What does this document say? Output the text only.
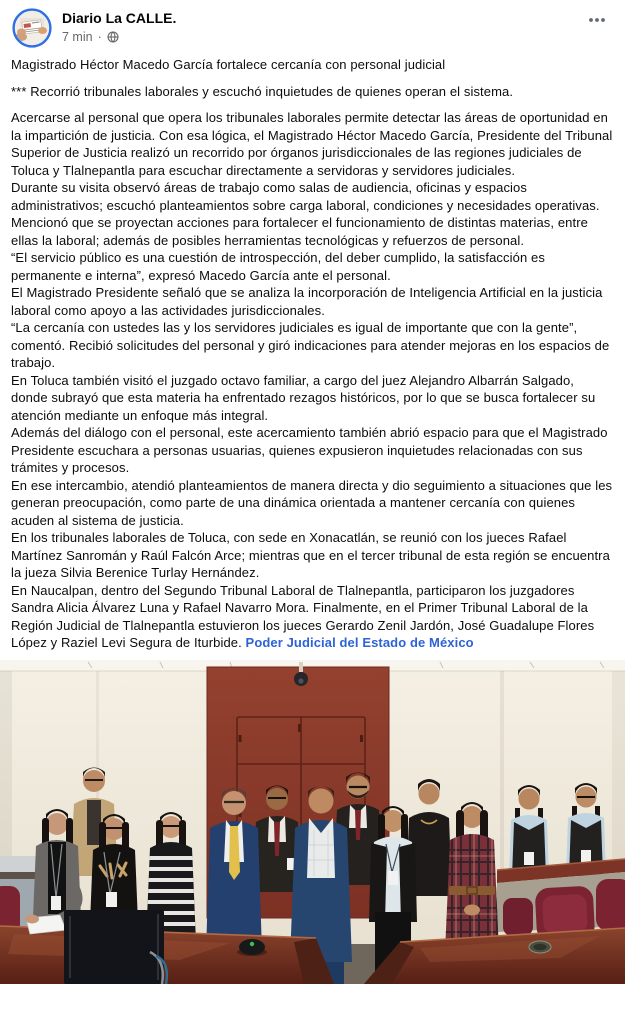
Diario La CALLE.
7 min ·

Magistrado Héctor Macedo García fortalece cercanía con personal judicial

*** Recorrió tribunales laborales y escuchó inquietudes de quienes operan el sistema.

Acercarse al personal que opera los tribunales laborales permite detectar las áreas de oportunidad en la impartición de justicia. Con esa lógica, el Magistrado Héctor Macedo García, Presidente del Tribunal Superior de Justicia realizó un recorrido por órganos jurisdiccionales de las regiones judiciales de Toluca y Tlalnepantla para escuchar directamente a servidoras y servidores judiciales.

Durante su visita observó áreas de trabajo como salas de audiencia, oficinas y espacios administrativos; escuchó planteamientos sobre carga laboral, condiciones y necesidades operativas.

Mencionó que se proyectan acciones para fortalecer el funcionamiento de distintas materias, entre ellas la laboral; además de posibles herramientas tecnológicas y refuerzos de personal.

“El servicio público es una cuestión de introspección, del deber cumplido, la satisfacción es permanente e interna”, expresó Macedo García ante el personal.

El Magistrado Presidente señaló que se analiza la incorporación de Inteligencia Artificial en la justicia laboral como apoyo a las actividades jurisdiccionales.

“La cercanía con ustedes las y los servidores judiciales es igual de importante que con la gente”, comentó. Recibió solicitudes del personal y giró indicaciones para atender mejoras en los espacios de trabajo.

En Toluca también visitó el juzgado octavo familiar, a cargo del juez Alejandro Albarrán Salgado, donde subrayó que esta materia ha enfrentado rezagos históricos, por lo que se busca fortalecer su atención mediante un enfoque más integral.

Además del diálogo con el personal, este acercamiento también abrió espacio para que el Magistrado Presidente escuchara a personas usuarias, quienes expusieron inquietudes relacionadas con sus trámites y procesos.

En ese intercambio, atendió planteamientos de manera directa y dio seguimiento a situaciones que les generan preocupación, como parte de una dinámica orientada a mantener cercanía con quienes acuden al sistema de justicia.

En los tribunales laborales de Toluca, con sede en Xonacatlán, se reunió con los jueces Rafael Martínez Sanromán y Raúl Falcón Arce; mientras que en el tercer tribunal de esta región se encuentra la jueza Silvia Berenice Turlay Hernández.

En Naucalpan, dentro del Segundo Tribunal Laboral de Tlalnepantla, participaron los juzgadores Sandra Alicia Álvarez Luna y Rafael Navarro Mora. Finalmente, en el Primer Tribunal Laboral de la Región Judicial de Tlalnepantla estuvieron los jueces Gerardo Zenil Jardón, José Guadalupe Flores López y Raziel Levi Segura de Iturbide. Poder Judicial del Estado de México
